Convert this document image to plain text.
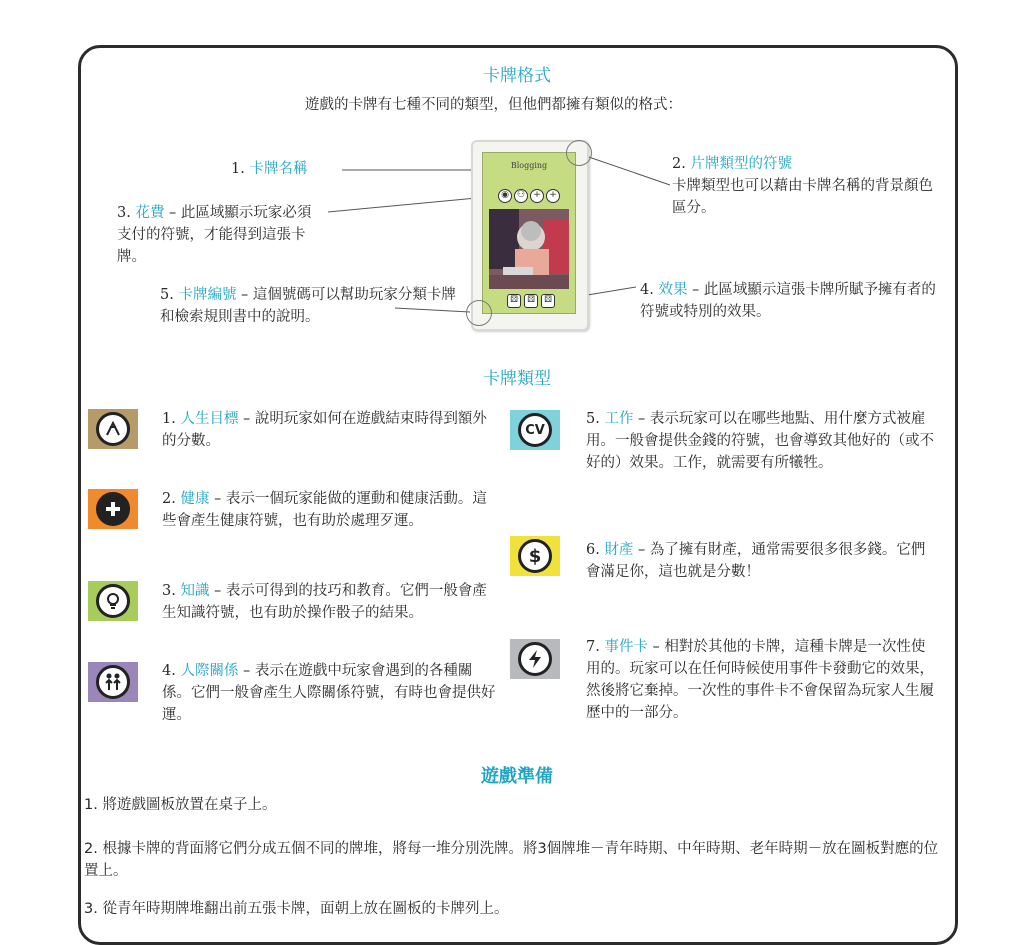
卡牌格式
遊戲的卡牌有七種不同的類型，但他們都擁有類似的格式：
Blogging
◉ ⚇ + +
⚄	⚄	⚄
1. 卡牌名稱
3. 花費 – 此區域顯示玩家必須支付的符號，才能得到這張卡牌。
5. 卡牌編號 – 這個號碼可以幫助玩家分類卡牌和檢索規則書中的說明。
2. 片牌類型的符號
卡牌類型也可以藉由卡牌名稱的背景顏色區分。
4. 效果 – 此區域顯示這張卡牌所賦予擁有者的符號或特別的效果。
卡牌類型
1. 人生目標 – 說明玩家如何在遊戲結束時得到額外的分數。
2. 健康 – 表示一個玩家能做的運動和健康活動。這些會產生健康符號，也有助於處理歹運。
3. 知識 – 表示可得到的技巧和教育。它們一般會產生知識符號，也有助於操作骰子的結果。
4. 人際關係 – 表示在遊戲中玩家會遇到的各種關係。它們一般會產生人際關係符號，有時也會提供好運。
CV
5. 工作 – 表示玩家可以在哪些地點、用什麼方式被雇用。一般會提供金錢的符號，也會導致其他好的（或不好的）效果。工作，就需要有所犧牲。
$	6. 財產 – 為了擁有財產，通常需要很多很多錢。它們會滿足你，這也就是分數！
7. 事件卡 – 相對於其他的卡牌，這種卡牌是一次性使用的。玩家可以在任何時候使用事件卡發動它的效果，然後將它棄掉。一次性的事件卡不會保留為玩家人生履歷中的一部分。
遊戲準備
1. 將遊戲圖板放置在桌子上。
2. 根據卡牌的背面將它們分成五個不同的牌堆，將每一堆分別洗牌。將3個牌堆－青年時期、中年時期、老年時期－放在圖板對應的位置上。
3. 從青年時期牌堆翻出前五張卡牌，面朝上放在圖板的卡牌列上。
